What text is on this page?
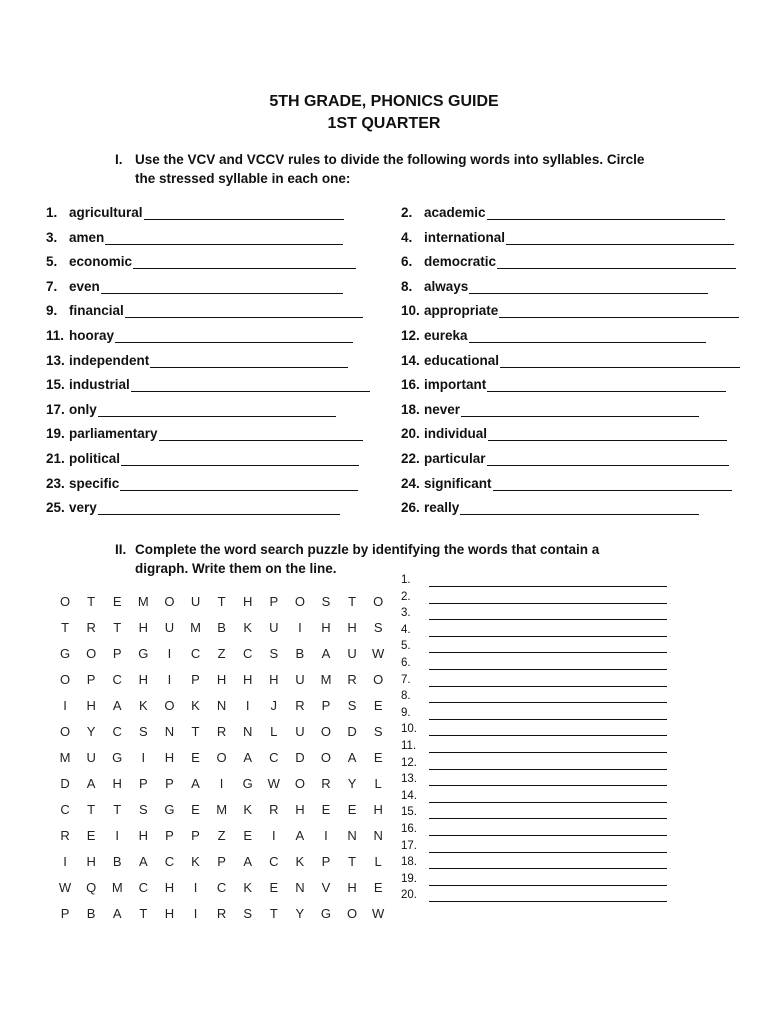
5TH GRADE, PHONICS GUIDE
1ST QUARTER
I. Use the VCV and VCCV rules to divide the following words into syllables. Circle
the stressed syllable in each one:
1. agricultural	2. academic
3. amen	4. international
5. economic	6. democratic
7. even	8. always
9. financial	10. appropriate
11. hooray	12. eureka
13. independent	14. educational
15. industrial	16. important
17. only	18. never
19. parliamentary	20. individual
21. political	22. particular
23. specific	24. significant
25. very	26. really
II. Complete the word search puzzle by identifying the words that contain a
digraph. Write them on the line.
O	T	E	M	O	U	T	H	P	O	S	T	O
T	R	T	H	U	M	B	K	U	I	H	H	S
G	O	P	G	I	C	Z	C	S	B	A	U	W
O	P	C	H	I	P	H	H	H	U	M	R	O
I	H	A	K	O	K	N	I	J	R	P	S	E
O	Y	C	S	N	T	R	N	L	U	O	D	S
M	U	G	I	H	E	O	A	C	D	O	A	E
D	A	H	P	P	A	I	G	W	O	R	Y	L
C	T	T	S	G	E	M	K	R	H	E	E	H
R	E	I	H	P	P	Z	E	I	A	I	N	N
I	H	B	A	C	K	P	A	C	K	P	T	L
W	Q	M	C	H	I	C	K	E	N	V	H	E
P	B	A	T	H	I	R	S	T	Y	G	O	W
1.
2.
3.
4.
5.
6.
7.
8.
9.
10.
11.
12.
13.
14.
15.
16.
17.
18.
19.
20.
